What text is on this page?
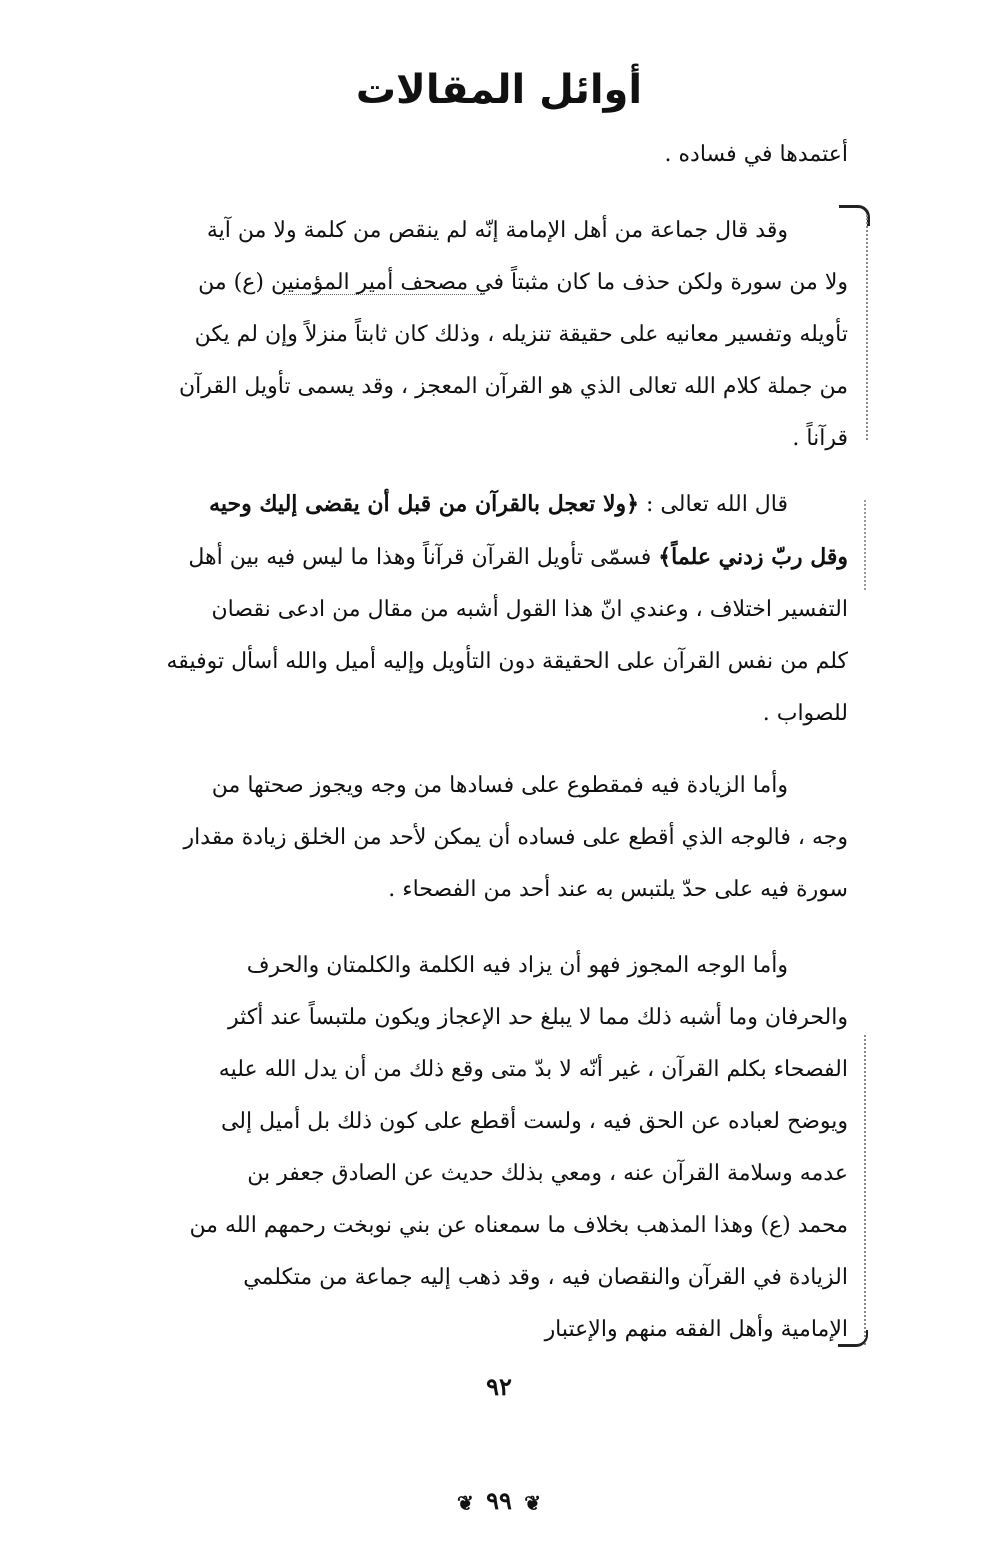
أوائل المقالات
أعتمدها في فساده .

وقد قال جماعة من أهل الإمامة إنّه لم ينقص من كلمة ولا من آية

ولا من سورة ولكن حذف ما كان مثبتاً في مصحف أمير المؤمنين (ع) من

تأويله وتفسير معانيه على حقيقة تنزيله ، وذلك كان ثابتاً منزلاً وإن لم يكن

من جملة كلام الله تعالى الذي هو القرآن المعجز ، وقد يسمى تأويل القرآن

قرآناً .

قال الله تعالى : ﴿ولا تعجل بالقرآن من قبل أن يقضى إليك وحيه

وقل ربّ زدني علماً﴾ فسمّى تأويل القرآن قرآناً وهذا ما ليس فيه بين أهل

التفسير اختلاف ، وعندي انّ هذا القول أشبه من مقال من ادعى نقصان

كلم من نفس القرآن على الحقيقة دون التأويل وإليه أميل والله أسأل توفيقه

للصواب .

وأما الزيادة فيه فمقطوع على فسادها من وجه ويجوز صحتها من

وجه ، فالوجه الذي أقطع على فساده أن يمكن لأحد من الخلق زيادة مقدار

سورة فيه على حدّ يلتبس به عند أحد من الفصحاء .

وأما الوجه المجوز فهو أن يزاد فيه الكلمة والكلمتان والحرف

والحرفان وما أشبه ذلك مما لا يبلغ حد الإعجاز ويكون ملتبساً عند أكثر

الفصحاء بكلم القرآن ، غير أنّه لا بدّ متى وقع ذلك من أن يدل الله عليه

ويوضح لعباده عن الحق فيه ، ولست أقطع على كون ذلك بل أميل إلى

عدمه وسلامة القرآن عنه ، ومعي بذلك حديث عن الصادق جعفر بن

محمد (ع) وهذا المذهب بخلاف ما سمعناه عن بني نوبخت رحمهم الله من

الزيادة في القرآن والنقصان فيه ، وقد ذهب إليه جماعة من متكلمي

الإمامية وأهل الفقه منهم والإعتبار

٩٢
❦ ٩٩ ❦
